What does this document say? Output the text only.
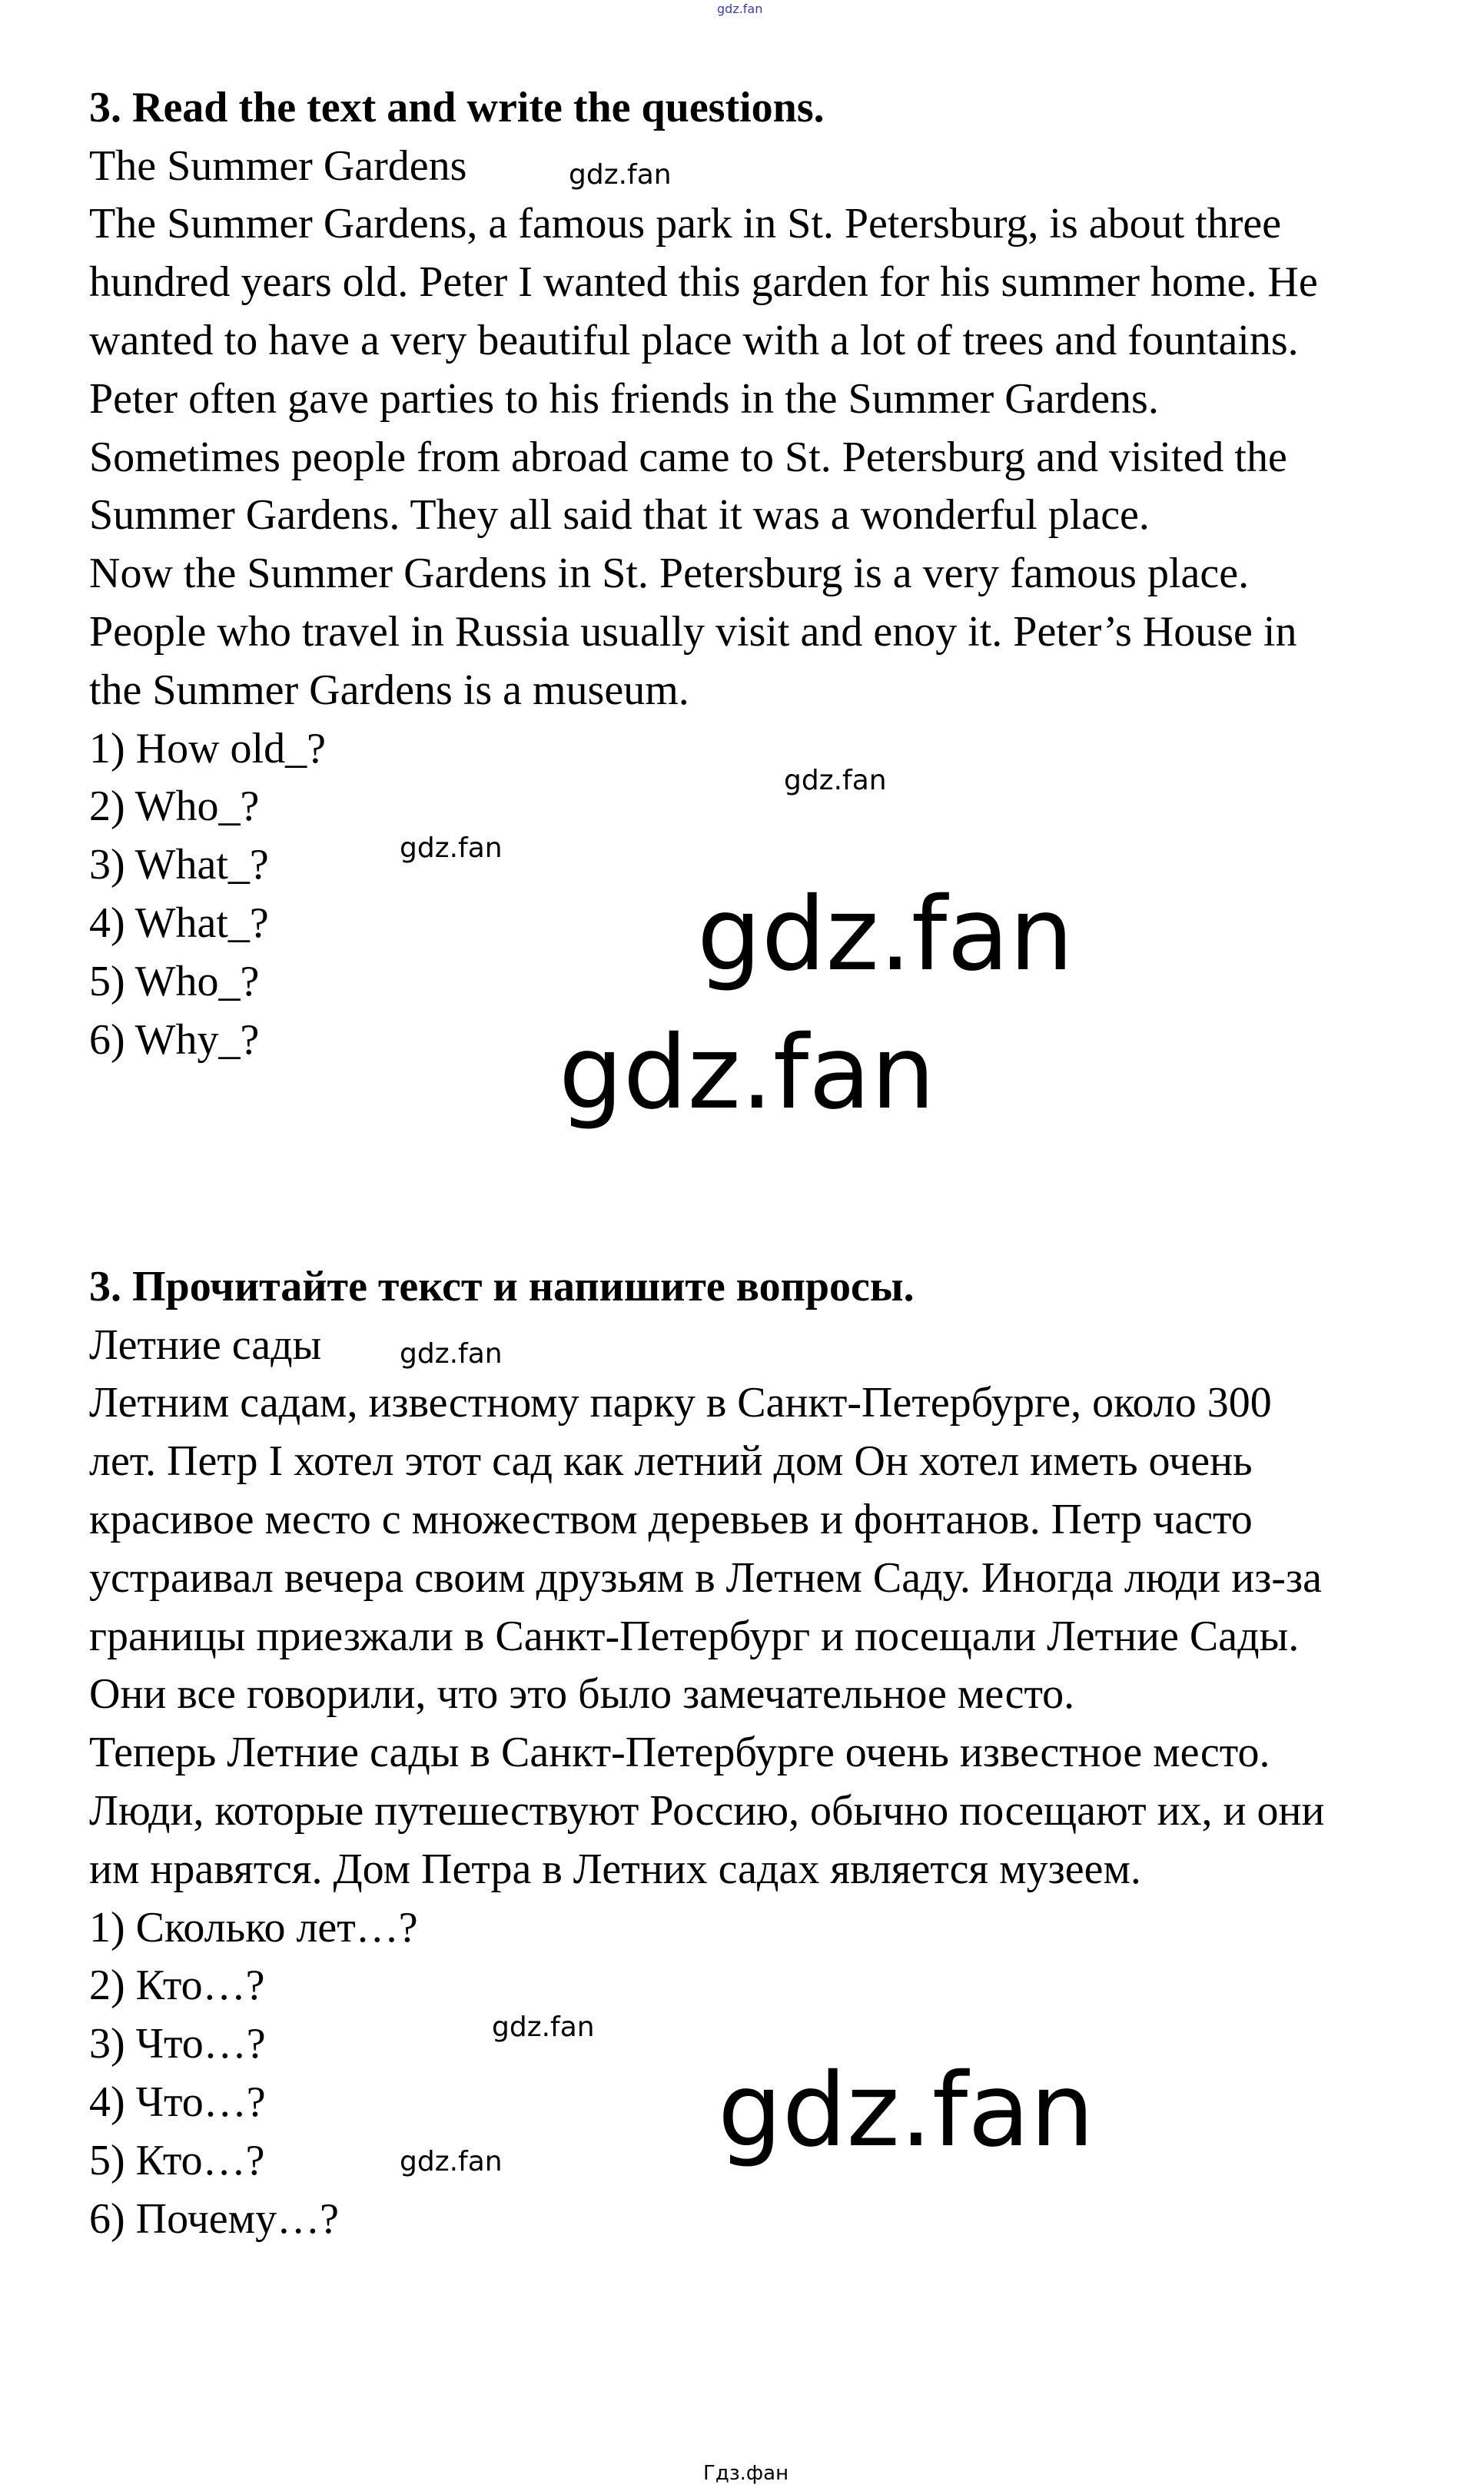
gdz.fan
3. Read the text and write the questions.
The Summer Gardens
The Summer Gardens, a famous park in St. Petersburg, is about three
hundred years old. Peter I wanted this garden for his summer home. He
wanted to have a very beautiful place with a lot of trees and fountains.
Peter often gave parties to his friends in the Summer Gardens.
Sometimes people from abroad came to St. Petersburg and visited the
Summer Gardens. They all said that it was a wonderful place.
Now the Summer Gardens in St. Petersburg is a very famous place.
People who travel in Russia usually visit and enoy it. Peter’s House in
the Summer Gardens is a museum.
1) How old_?
2) Who_?
3) What_?
4) What_?
5) Who_?
6) Why_?
3. Прочитайте текст и напишите вопросы.
Летние сады
Летним садам, известному парку в Санкт-Петербурге, около 300
лет. Петр I хотел этот сад как летний дом Он хотел иметь очень
красивое место с множеством деревьев и фонтанов. Петр часто
устраивал вечера своим друзьям в Летнем Саду. Иногда люди из-за
границы приезжали в Санкт-Петербург и посещали Летние Сады.
Они все говорили, что это было замечательное место.
Теперь Летние сады в Санкт-Петербурге очень известное место.
Люди, которые путешествуют Россию, обычно посещают их, и они
им нравятся. Дом Петра в Летних садах является музеем.
1) Сколько лет…?
2) Кто…?
3) Что…?
4) Что…?
5) Кто…?
6) Почему…?
gdz.fan
gdz.fan
gdz.fan
gdz.fan
gdz.fan
gdz.fan
gdz.fan
gdz.fan
gdz.fan
Гдз.фан
